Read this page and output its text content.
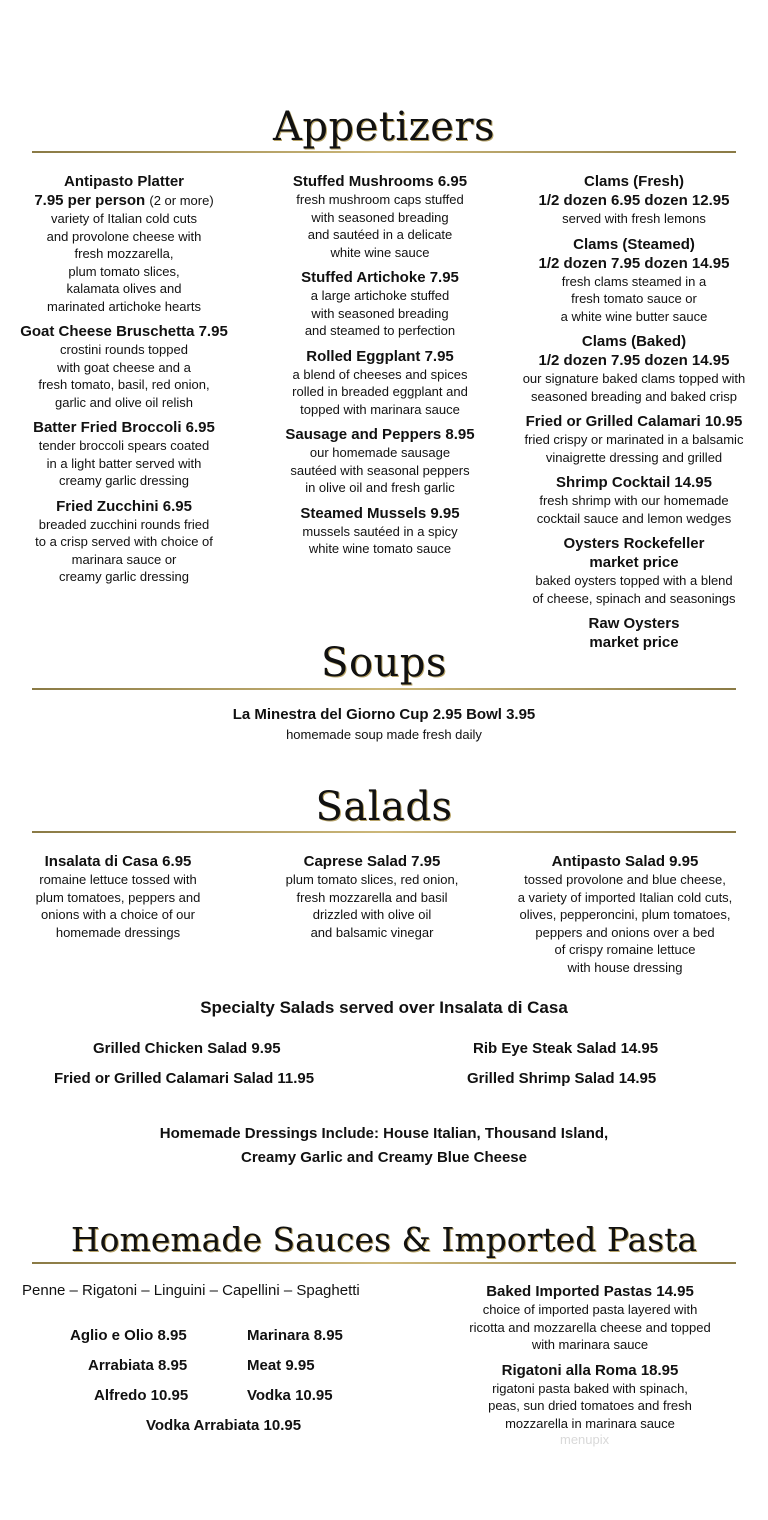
Appetizers
Antipasto Platter
7.95 per person (2 or more)
variety of Italian cold cuts
and provolone cheese with
fresh mozzarella,
plum tomato slices,
kalamata olives and
marinated artichoke hearts
Goat Cheese Bruschetta 7.95
crostini rounds topped
with goat cheese and a
fresh tomato, basil, red onion,
garlic and olive oil relish
Batter Fried Broccoli 6.95
tender broccoli spears coated
in a light batter served with
creamy garlic dressing
Fried Zucchini 6.95
breaded zucchini rounds fried
to a crisp served with choice of
marinara sauce or
creamy garlic dressing
Stuffed Mushrooms 6.95
fresh mushroom caps stuffed
with seasoned breading
and sautéed in a delicate
white wine sauce
Stuffed Artichoke 7.95
a large artichoke stuffed
with seasoned breading
and steamed to perfection
Rolled Eggplant 7.95
a blend of cheeses and spices
rolled in breaded eggplant and
topped with marinara sauce
Sausage and Peppers 8.95
our homemade sausage
sautéed with seasonal peppers
in olive oil and fresh garlic
Steamed Mussels 9.95
mussels sautéed in a spicy
white wine tomato sauce
Clams (Fresh)
1/2 dozen 6.95 dozen 12.95
served with fresh lemons
Clams (Steamed)
1/2 dozen 7.95 dozen 14.95
fresh clams steamed in a
fresh tomato sauce or
a white wine butter sauce
Clams (Baked)
1/2 dozen 7.95 dozen 14.95
our signature baked clams topped with
seasoned breading and baked crisp
Fried or Grilled Calamari 10.95
fried crispy or marinated in a balsamic
vinaigrette dressing and grilled
Shrimp Cocktail 14.95
fresh shrimp with our homemade
cocktail sauce and lemon wedges
Oysters Rockefeller
market price
baked oysters topped with a blend
of cheese, spinach and seasonings
Raw Oysters
market price
Soups
La Minestra del Giorno Cup 2.95 Bowl 3.95
homemade soup made fresh daily
Salads
Insalata di Casa 6.95
romaine lettuce tossed with
plum tomatoes, peppers and
onions with a choice of our
homemade dressings
Caprese Salad 7.95
plum tomato slices, red onion,
fresh mozzarella and basil
drizzled with olive oil
and balsamic vinegar
Antipasto Salad 9.95
tossed provolone and blue cheese,
a variety of imported Italian cold cuts,
olives, pepperoncini, plum tomatoes,
peppers and onions over a bed
of crispy romaine lettuce
with house dressing
Specialty Salads served over Insalata di Casa
Grilled Chicken Salad 9.95
Fried or Grilled Calamari Salad 11.95
Rib Eye Steak Salad 14.95
Grilled Shrimp Salad 14.95
Homemade Dressings Include: House Italian, Thousand Island,
Creamy Garlic and Creamy Blue Cheese
Homemade Sauces & Imported Pasta
Penne – Rigatoni – Linguini – Capellini – Spaghetti
Aglio e Olio 8.95	Marinara 8.95
Arrabiata 8.95	Meat 9.95
Alfredo 10.95	Vodka 10.95
Vodka Arrabiata 10.95
Baked Imported Pastas 14.95
choice of imported pasta layered with
ricotta and mozzarella cheese and topped
with marinara sauce
Rigatoni alla Roma 18.95
rigatoni pasta baked with spinach,
peas, sun dried tomatoes and fresh
mozzarella in marinara sauce
menupix
